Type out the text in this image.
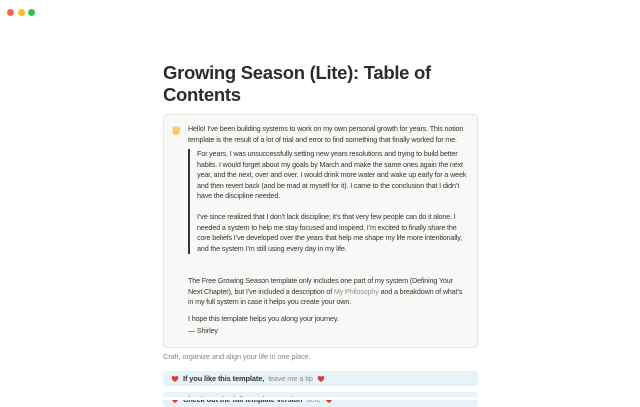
Growing Season (Lite): Table of Contents

Hello! I’ve been building systems to work on my own personal growth for years. This notion template is the result of a lot of trial and error to find something that finally worked for me.

For years, I was unsuccessfully setting new years resolutions and trying to build better habits. I would forget about my goals by March and make the same ones again the next year, and the next, over and over. I would drink more water and wake up early for a week and then revert back (and be mad at myself for it). I came to the conclusion that I didn’t have the discipline needed.

I’ve since realized that I don’t lack discipline; it’s that very few people can do it alone. I needed a system to help me stay focused and inspired. I’m excited to finally share the core beliefs I’ve developed over the years that help me shape my life more intentionally, and the system I’m still using every day in my life.

The Free Growing Season template only includes one part of my system (Defining Your Next Chapter), but I’ve included a description of My Philosophy and a breakdown of what’s in my full system in case it helps you create your own.

I hope this template helps you along your journey.

— Shirley

Craft, organize and align your life in one place.
If you like this template, leave me a tip
